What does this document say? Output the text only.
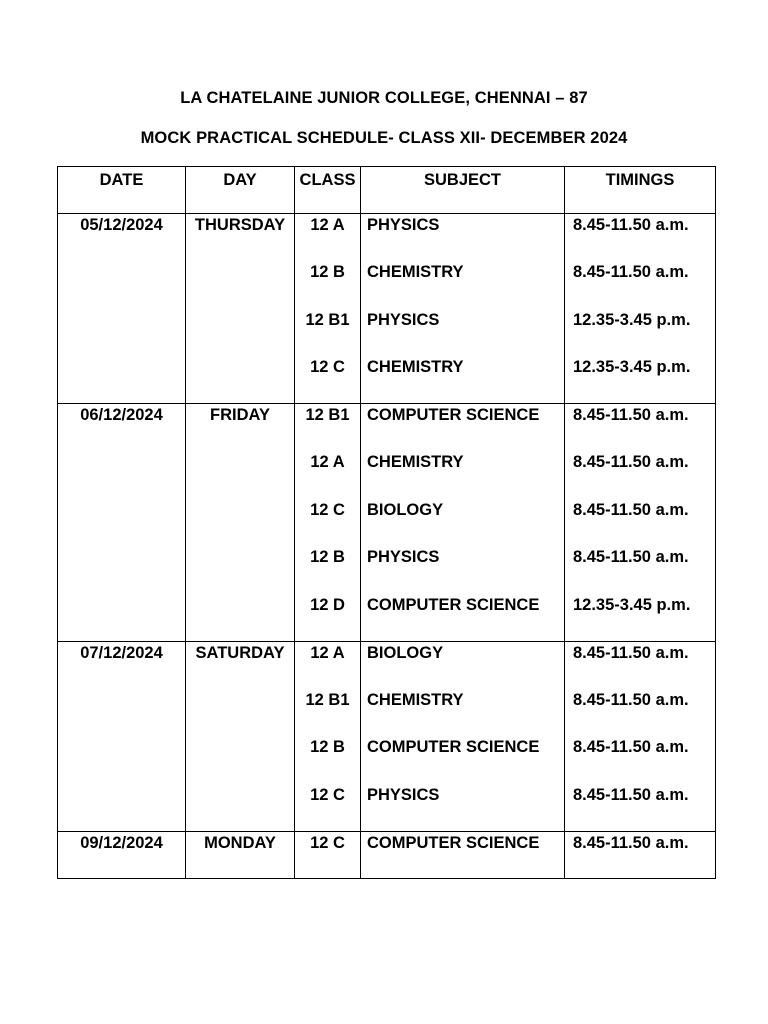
LA CHATELAINE JUNIOR COLLEGE, CHENNAI – 87
MOCK PRACTICAL SCHEDULE- CLASS XII- DECEMBER 2024
DATE	DAY	CLASS	SUBJECT	TIMINGS
05/12/2024	THURSDAY	12 A	PHYSICS	8.45-11.50 a.m.
		12 B	CHEMISTRY	8.45-11.50 a.m.
		12 B1	PHYSICS	12.35-3.45 p.m.
		12 C	CHEMISTRY	12.35-3.45 p.m.
06/12/2024	FRIDAY	12 B1	COMPUTER SCIENCE	8.45-11.50 a.m.
		12 A	CHEMISTRY	8.45-11.50 a.m.
		12 C	BIOLOGY	8.45-11.50 a.m.
		12 B	PHYSICS	8.45-11.50 a.m.
		12 D	COMPUTER SCIENCE	12.35-3.45 p.m.
07/12/2024	SATURDAY	12 A	BIOLOGY	8.45-11.50 a.m.
		12 B1	CHEMISTRY	8.45-11.50 a.m.
		12 B	COMPUTER SCIENCE	8.45-11.50 a.m.
		12 C	PHYSICS	8.45-11.50 a.m.
09/12/2024	MONDAY	12 C	COMPUTER SCIENCE	8.45-11.50 a.m.
